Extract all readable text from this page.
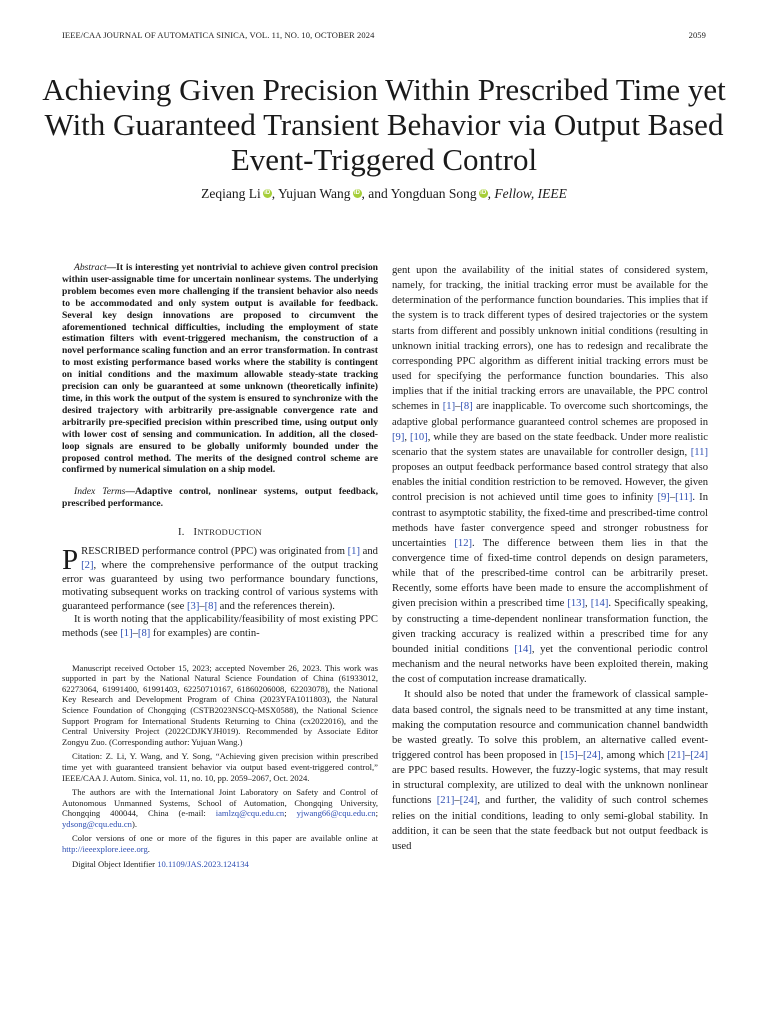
IEEE/CAA JOURNAL OF AUTOMATICA SINICA, VOL. 11, NO. 10, OCTOBER 2024	2059
Achieving Given Precision Within Prescribed Time yet With Guaranteed Transient Behavior via Output Based Event-Triggered Control
Zeqiang Li iD , Yujuan Wang iD , and Yongduan Song iD , Fellow, IEEE

Abstract—It is interesting yet nontrivial to achieve given control precision within user-assignable time for uncertain nonlinear systems. The underlying problem becomes even more challenging if the transient behavior also needs to be accommodated and only system output is available for feedback. Several key design innovations are proposed to circumvent the aforementioned technical difficulties, including the employment of state estimation filters with event-triggered mechanism, the construction of a novel performance scaling function and an error transformation. In contrast to most existing performance based works where the stability is contingent on initial conditions and the maximum allowable steady-state tracking precision can only be guaranteed at some unknown (theoretically infinite) time, in this work the output of the system is ensured to synchronize with the desired trajectory with arbitrarily pre-assignable convergence rate and arbitrarily pre-specified precision within prescribed time, using output only with lower cost of sensing and communication. In addition, all the closed-loop signals are ensured to be globally uniformly bounded under the proposed control method. The merits of the designed control scheme are confirmed by numerical simulation on a ship model.

Index Terms—Adaptive control, nonlinear systems, output feedback, prescribed performance.

I. INTRODUCTION

PRESCRIBED performance control (PPC) was originated from [1] and [2], where the comprehensive performance of the output tracking error was guaranteed by using two performance boundary functions, motivating subsequent works on tracking control of various systems with guaranteed performance (see [3]–[8] and the references therein).

It is worth noting that the applicability/feasibility of most existing PPC methods (see [1]–[8] for examples) are contin-

Manuscript received October 15, 2023; accepted November 26, 2023. This work was supported in part by the National Natural Science Foundation of China (61933012, 62273064, 61991400, 61991403, 62250710167, 61860206008, 62203078), the National Key Research and Development Program of China (2023YFA1011803), the Natural Science Foundation of Chongqing (CSTB2023NSCQ-MSX0588), the National Science Support Program for International Students Returning to China (cx2022016), and the Central University Project (2022CDJKYJH019). Recommended by Associate Editor Zongyu Zuo. (Corresponding author: Yujuan Wang.)

Citation: Z. Li, Y. Wang, and Y. Song, “Achieving given precision within prescribed time yet with guaranteed transient behavior via output based event-triggered control,” IEEE/CAA J. Autom. Sinica, vol. 11, no. 10, pp. 2059–2067, Oct. 2024.

The authors are with the International Joint Laboratory on Safety and Control of Autonomous Unmanned Systems, School of Automation, Chongqing University, Chongqing 400044, China (e-mail: iamlzq@cqu.edu.cn; yjwang66@cqu.edu.cn; ydsong@cqu.edu.cn).

Color versions of one or more of the figures in this paper are available online at http://ieeexplore.ieee.org.

Digital Object Identifier 10.1109/JAS.2023.124134

gent upon the availability of the initial states of considered system, namely, for tracking, the initial tracking error must be available for the determination of the performance function boundaries. This implies that if the system is to track different types of desired trajectories or the system starts from different and possibly unknown initial conditions (resulting in unknown initial tracking errors), one has to redesign and recalibrate the corresponding PPC algorithm as different initial tracking errors must be used for specifying the performance function boundaries. This also implies that if the initial tracking errors are unavailable, the PPC control schemes in [1]–[8] are inapplicable. To overcome such shortcomings, the adaptive global performance guaranteed control schemes are proposed in [9], [10], while they are based on the state feedback. Under more realistic scenario that the system states are unavailable for controller design, [11] proposes an output feedback performance based control strategy that also enables the initial condition restriction to be removed. However, the given control precision is not achieved until time goes to infinity [9]–[11]. In contrast to asymptotic stability, the fixed-time and prescribed-time control methods have faster convergence speed and stronger robustness for uncertainties [12]. The difference between them lies in that the convergence time of fixed-time control depends on design parameters, while that of the prescribed-time control can be arbitrarily preset. Recently, some efforts have been made to ensure the accomplishment of given precision within a prescribed time [13], [14]. Specifically speaking, by constructing a time-dependent nonlinear transformation function, the given tracking accuracy is realized within a prescribed time for any bounded initial conditions [14], yet the conventional periodic control mechanism and the neural networks have been exploited therein, making the cost of computation increase dramatically.

It should also be noted that under the framework of classical sample-data based control, the signals need to be transmitted at any time instant, making the computation resource and communication channel bandwidth be wasted greatly. To solve this problem, an alternative called event-triggered control has been proposed in [15]–[24], among which [21]–[24] are PPC based results. However, the fuzzy-logic systems, that may result in structural complexity, are utilized to deal with the unknown nonlinear functions [21]–[24], and further, the validity of such control schemes relies on the initial conditions, leading to only semi-global stability. In addition, it can be seen that the state feedback but not output feedback is used
